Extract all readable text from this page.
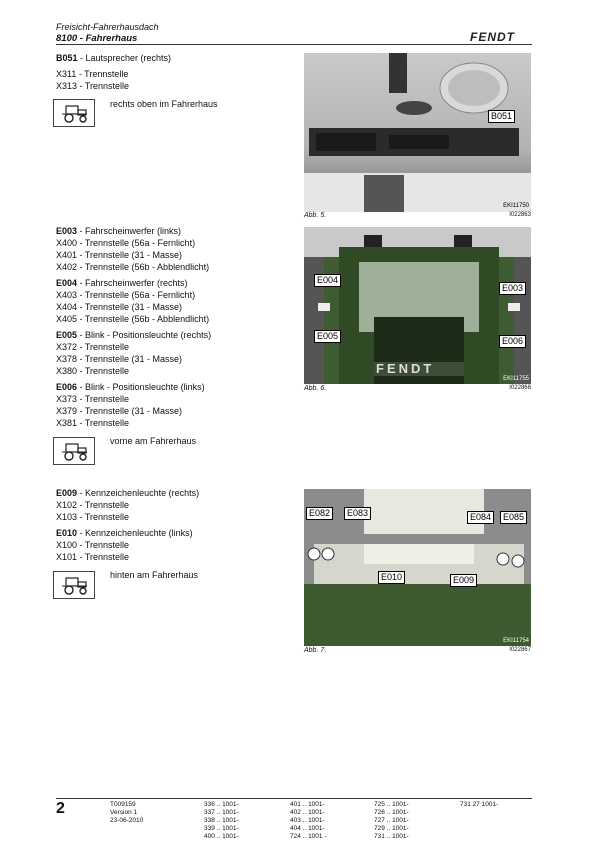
Freisicht-Fahrerhausdach
8100 - Fahrerhaus	FENDT
B051 - Lautsprecher (rechts)
X311 - Trennstelle
X313 - Trennstelle
rechts oben im Fahrerhaus
B051
EKI11750
Abb. 5.	I022863
E003 - Fahrscheinwerfer (links)
X400 - Trennstelle (56a - Fernlicht)
X401 - Trennstelle (31 - Masse)
X402 - Trennstelle (56b - Abblendlicht)
E004 - Fahrscheinwerfer (rechts)
X403 - Trennstelle (56a - Fernlicht)
X404 - Trennstelle (31 - Masse)
X405 - Trennstelle (56b - Abblendlicht)
E005 - Blink - Positionsleuchte (rechts)
X372 - Trennstelle
X378 - Trennstelle (31 - Masse)
X380 - Trennstelle
E006 - Blink - Positionsleuchte (links)
X373 - Trennstelle
X379 - Trennstelle (31 - Masse)
X381 - Trennstelle
vorne am Fahrerhaus
E004
E003
E005	E006
FENDT
EKI11755
Abb. 6.	I022868
E009 - Kennzeichenleuchte (rechts)
X102 - Trennstelle
X103 - Trennstelle
E010 - Kennzeichenleuchte (links)
X100 - Trennstelle
X101 - Trennstelle
hinten am Fahrerhaus
E082	E083	E084	E085
E010	E009
EKI11754
Abb. 7.	I022867
2	T009159
Version 1
23-06-2010
336 .. 1001-
337 .. 1001-
338 .. 1001-
339 .. 1001-
400 .. 1001-
401 .. 1001-
402 .. 1001-
403 .. 1001-
404 .. 1001-
724 .. 1001 -
725 .. 1001-
726 .. 1001-
727 .. 1001-
729 .. 1001-
731 .. 1001-
731 27 1001-
